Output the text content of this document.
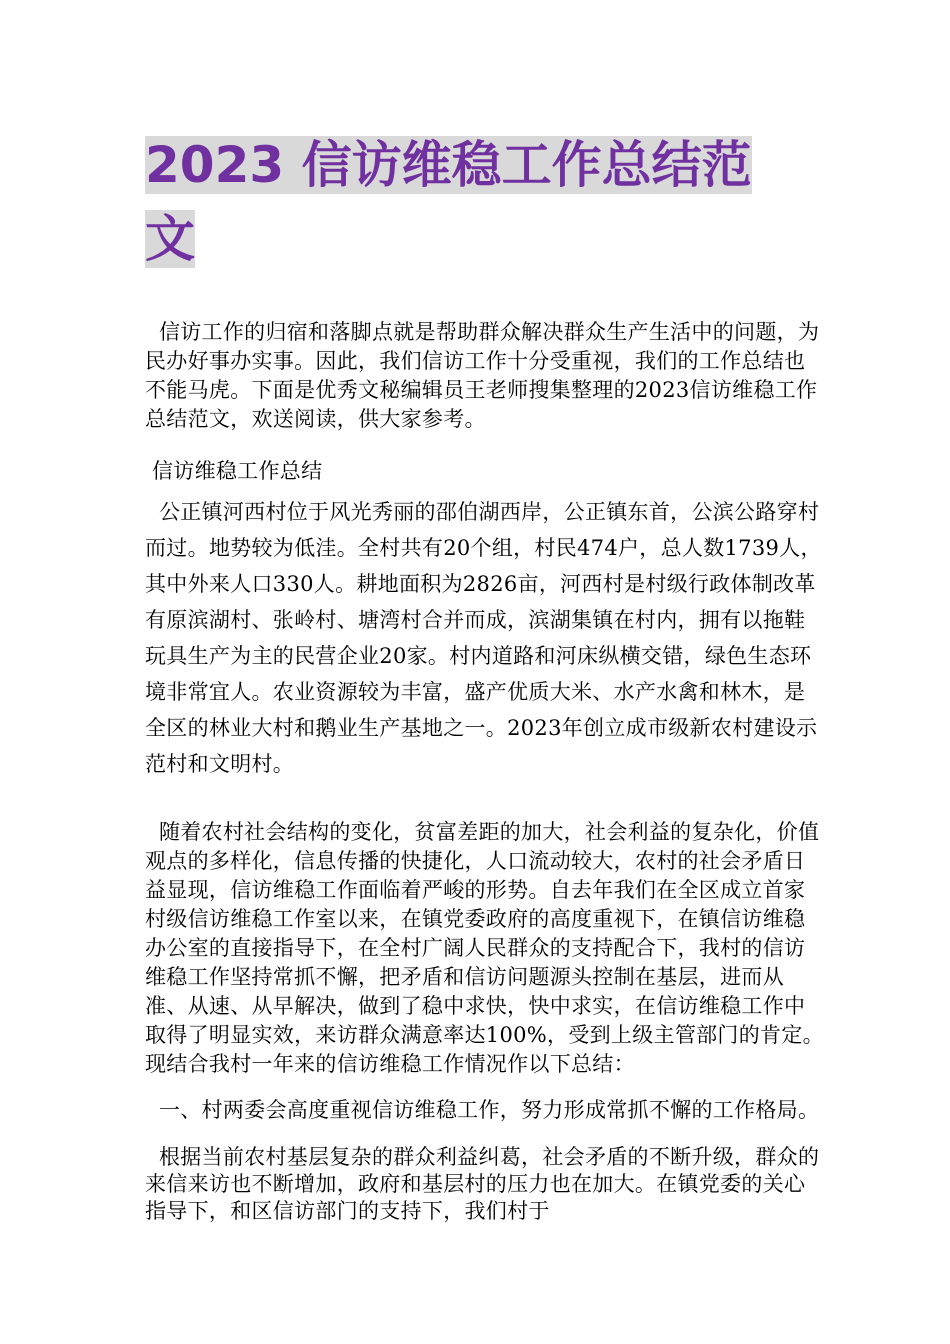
2023 信访维稳工作总结范
文

信访工作的归宿和落脚点就是帮助群众解决群众生产生活中的问题，为民办好事办实事。因此，我们信访工作十分受重视，我们的工作总结也不能马虎。下面是优秀文秘编辑员王老师搜集整理的2023信访维稳工作总结范文，欢送阅读，供大家参考。

信访维稳工作总结

公正镇河西村位于风光秀丽的邵伯湖西岸，公正镇东首，公滨公路穿村而过。地势较为低洼。全村共有20个组，村民474户，总人数1739人，其中外来人口330人。耕地面积为2826亩，河西村是村级行政体制改革有原滨湖村、张岭村、塘湾村合并而成，滨湖集镇在村内，拥有以拖鞋玩具生产为主的民营企业20家。村内道路和河床纵横交错，绿色生态环境非常宜人。农业资源较为丰富，盛产优质大米、水产水禽和林木，是全区的林业大村和鹅业生产基地之一。2023年创立成市级新农村建设示范村和文明村。

随着农村社会结构的变化，贫富差距的加大，社会利益的复杂化，价值观点的多样化，信息传播的快捷化，人口流动较大，农村的社会矛盾日益显现，信访维稳工作面临着严峻的形势。自去年我们在全区成立首家村级信访维稳工作室以来，在镇党委政府的高度重视下，在镇信访维稳办公室的直接指导下，在全村广阔人民群众的支持配合下，我村的信访维稳工作坚持常抓不懈，把矛盾和信访问题源头控制在基层，进而从准、从速、从早解决，做到了稳中求快，快中求实，在信访维稳工作中取得了明显实效，来访群众满意率达100%，受到上级主管部门的肯定。现结合我村一年来的信访维稳工作情况作以下总结：

一、村两委会高度重视信访维稳工作，努力形成常抓不懈的工作格局。

根据当前农村基层复杂的群众利益纠葛，社会矛盾的不断升级，群众的来信来访也不断增加，政府和基层村的压力也在加大。在镇党委的关心指导下，和区信访部门的支持下，我们村于
